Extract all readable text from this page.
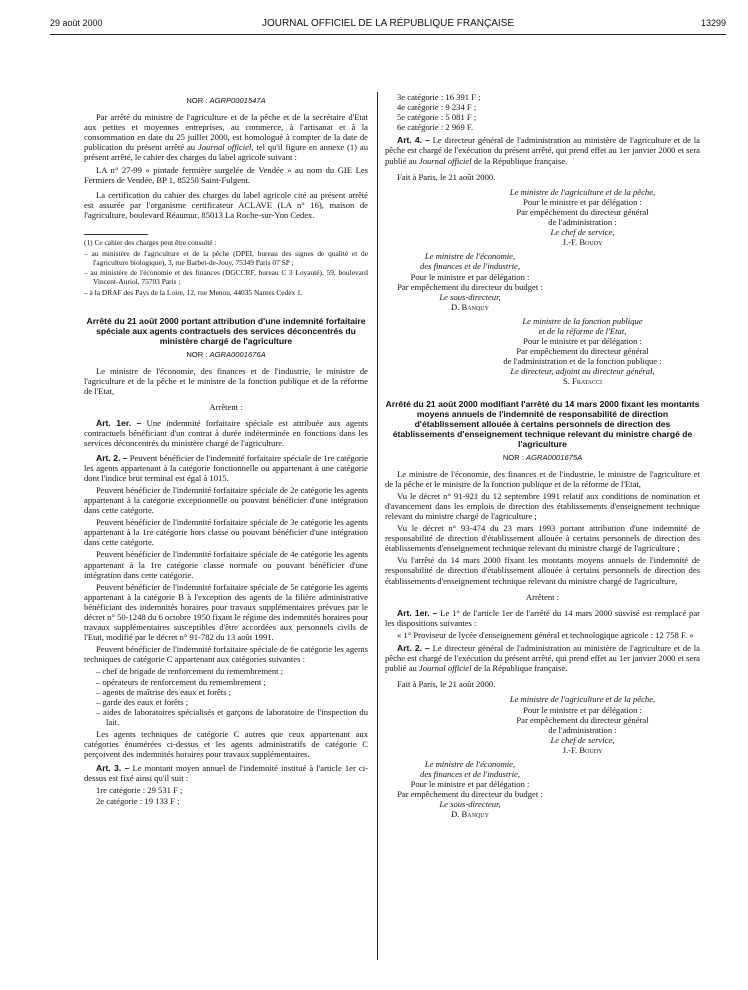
29 août 2000	JOURNAL OFFICIEL DE LA RÉPUBLIQUE FRANÇAISE	13299
NOR : AGRP0001547A

Par arrêté du ministre de l'agriculture et de la pêche et de la secrétaire d'Etat aux petites et moyennes entreprises, au commerce, à l'artisanat et à la consommation en date du 25 juillet 2000, est homologué à compter de la date de publication du présent arrêté au Journal officiel, tel qu'il figure en annexe (1) au présent arrêté, le cahier des charges du label agricole suivant :

LA n° 27-99 « pintade fermière surgelée de Vendée » au nom du GIE Les Fermiers de Vendée, BP 1, 85250 Saint-Fulgent.

La certification du cahier des charges du label agricole cité au présent arrêté est assurée par l'organisme certificateur ACLAVE (LA n° 16), maison de l'agriculture, boulevard Réaumur, 85013 La Roche-sur-Yon Cedex.

(1) Ce cahier des charges peut être consulté :

– au ministère de l'agriculture et de la pêche (DPEI, bureau des signes de qualité et de l'agriculture biologique), 3, rue Barbet-de-Jouy, 75349 Paris 07 SP ;

– au ministère de l'économie et des finances (DGCCRF, bureau C 3 Loyauté), 59, boulevard Vincent-Auriol, 75703 Paris ;

– à la DRAF des Pays de la Loire, 12, rue Menou, 44035 Nantes Cedex 1.

Arrêté du 21 août 2000 portant attribution d'une indemnité forfaitaire spéciale aux agents contractuels des services déconcentrés du ministère chargé de l'agriculture
NOR : AGRA0001676A

Le ministre de l'économie, des finances et de l'industrie, le ministre de l'agriculture et de la pêche et le ministre de la fonction publique et de la réforme de l'Etat,

Arrêtent :

Art. 1er. – Une indemnité forfaitaire spéciale est attribuée aux agents contractuels bénéficiant d'un contrat à durée indéterminée en fonctions dans les services déconcentrés du ministère chargé de l'agriculture.

Art. 2. – Peuvent bénéficier de l'indemnité forfaitaire spéciale de 1re catégorie les agents appartenant à la catégorie fonctionnelle ou appartenant à une catégorie dont l'indice brut terminal est égal à 1015.

Peuvent bénéficier de l'indemnité forfaitaire spéciale de 2e catégorie les agents appartenant à la catégorie exceptionnelle ou pouvant bénéficier d'une intégration dans cette catégorie.

Peuvent bénéficier de l'indemnité forfaitaire spéciale de 3e catégorie les agents appartenant à la 1re catégorie hors classe ou pouvant bénéficier d'une intégration dans cette catégorie.

Peuvent bénéficier de l'indemnité forfaitaire spéciale de 4e catégorie les agents appartenant à la 1re catégorie classe normale ou pouvant bénéficier d'une intégration dans cette catégorie.

Peuvent bénéficier de l'indemnité forfaitaire spéciale de 5e catégorie les agents appartenant à la catégorie B à l'exception des agents de la filière administrative bénéficiant des indemnités horaires pour travaux supplémentaires prévues par le décret n° 50-1248 du 6 octobre 1950 fixant le régime des indemnités horaires pour travaux supplémentaires susceptibles d'être accordées aux personnels civils de l'Etat, modifié par le décret n° 91-782 du 13 août 1991.

Peuvent bénéficier de l'indemnité forfaitaire spéciale de 6e catégorie les agents techniques de catégorie C appartenant aux catégories suivantes :

– chef de brigade de renforcement du remembrement ;

– opérateurs de renforcement du remembrement ;

– agents de maîtrise des eaux et forêts ;

– garde des eaux et forêts ;

– aides de laboratoires spécialisés et garçons de laboratoire de l'inspection du lait.

Les agents techniques de catégorie C autres que ceux appartenant aux catégories énumérées ci-dessus et les agents administratifs de catégorie C perçoivent des indemnités horaires pour travaux supplémentaires.

Art. 3. – Le montant moyen annuel de l'indemnité institué à l'article 1er ci-dessus est fixé ainsi qu'il suit :

1re catégorie : 29 531 F ;

2e catégorie : 19 133 F ;

3e catégorie : 16 391 F ;

4e catégorie : 9 234 F ;

5e catégorie : 5 081 F ;

6e catégorie : 2 969 F.

Art. 4. – Le directeur général de l'administration au ministère de l'agriculture et de la pêche est chargé de l'exécution du présent arrêté, qui prend effet au 1er janvier 2000 et sera publié au Journal officiel de la République française.

Fait à Paris, le 21 août 2000.

Le ministre de l'agriculture et de la pêche,

Pour le ministre et par délégation :

Par empêchement du directeur général

de l'administration :

Le chef de service,

J.-F. Boudy

Le ministre de l'économie,

des finances et de l'industrie,

Pour le ministre et par délégation :

Par empêchement du directeur du budget :

Le sous-directeur,

D. Banquy

Le ministre de la fonction publique

et de la réforme de l'Etat,

Pour le ministre et par délégation :

Par empêchement du directeur général

de l'administration et de la fonction publique :

Le directeur, adjoint au directeur général,

S. Fratacci

Arrêté du 21 août 2000 modifiant l'arrêté du 14 mars 2000 fixant les montants moyens annuels de l'indemnité de responsabilité de direction d'établissement allouée à certains personnels de direction des établissements d'enseignement technique relevant du ministre chargé de l'agriculture
NOR : AGRA0001675A

Le ministre de l'économie, des finances et de l'industrie, le ministre de l'agriculture et de la pêche et le ministre de la fonction publique et de la réforme de l'Etat,

Vu le décret n° 91-921 du 12 septembre 1991 relatif aux conditions de nomination et d'avancement dans les emplois de direction des établissements d'enseignement technique relevant du ministre chargé de l'agriculture ;

Vu le décret n° 93-474 du 23 mars 1993 portant attribution d'une indemnité de responsabilité de direction d'établissement allouée à certains personnels de direction des établissements d'enseignement technique relevant du ministre chargé de l'agriculture ;

Vu l'arrêté du 14 mars 2000 fixant les montants moyens annuels de l'indemnité de responsabilité de direction d'établissement allouée à certains personnels de direction des établissements d'enseignement technique relevant du ministre chargé de l'agriculture,

Arrêtent :

Art. 1er. – Le 1° de l'article 1er de l'arrêté du 14 mars 2000 susvisé est remplacé par les dispositions suivantes :

« 1° Proviseur de lycée d'enseignement général et technologique agricole : 12 758 F. »

Art. 2. – Le directeur général de l'administration au ministère de l'agriculture et de la pêche est chargé de l'exécution du présent arrêté, qui prend effet au 1er janvier 2000 et sera publié au Journal officiel de la République française.

Fait à Paris, le 21 août 2000.

Le ministre de l'agriculture et de la pêche,

Pour le ministre et par délégation :

Par empêchement du directeur général

de l'administration :

Le chef de service,

J.-F. Boudy

Le ministre de l'économie,

des finances et de l'industrie,

Pour le ministre et par délégation :

Par empêchement du directeur du budget :

Le sous-directeur,

D. Banquy
